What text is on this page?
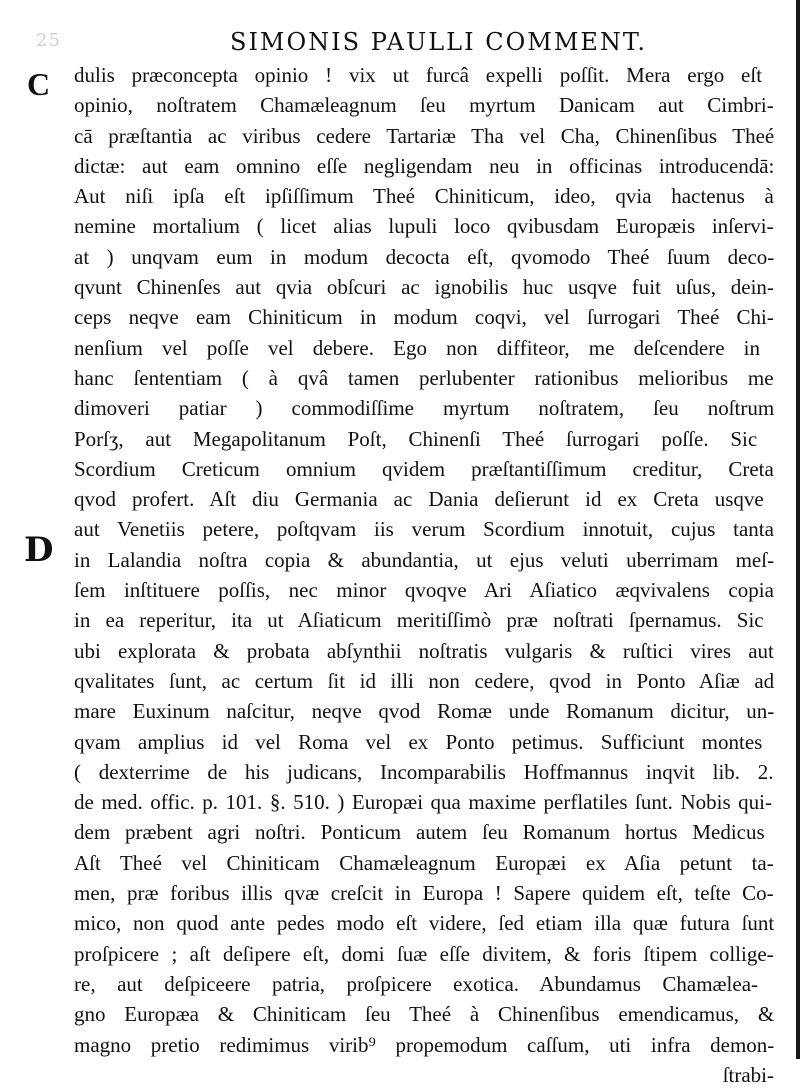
25	SIMONIS PAULLI COMMENT.
C
D
dulis præconcepta opinio ! vix ut furcâ expelli poſſit. Mera ergo eſt
opinio, noſtratem Chamæleagnum ſeu myrtum Danicam aut Cimbri-
cā præſtantia ac viribus cedere Tartariæ Tha vel Cha, Chinenſibus Theé
dictæ: aut eam omnino eſſe negligendam neu in officinas introducendā:
Aut niſi ipſa eſt ipſiſſimum Theé Chiniticum, ideo, qvia hactenus à
nemine mortalium ( licet alias lupuli loco qvibusdam Europæis inſervi-
at ) unqvam eum in modum decocta eſt, qvomodo Theé ſuum deco-
qvunt Chinenſes aut qvia obſcuri ac ignobilis huc usqve fuit uſus, dein-
ceps neqve eam Chiniticum in modum coqvi, vel ſurrogari Theé Chi-
nenſium vel poſſe vel debere. Ego non diffiteor, me deſcendere in
hanc ſententiam ( à qvâ tamen perlubenter rationibus melioribus me
dimoveri patiar ) commodiſſime myrtum noſtratem, ſeu noſtrum
Porſʒ, aut Megapolitanum Poſt, Chinenſi Theé ſurrogari poſſe. Sic
Scordium Creticum omnium qvidem præſtantiſſimum creditur, Creta
qvod profert. Aſt diu Germania ac Dania deſierunt id ex Creta usqve
aut Venetiis petere, poſtqvam iis verum Scordium innotuit, cujus tanta
in Lalandia noſtra copia & abundantia, ut ejus veluti uberrimam meſ-
ſem inſtituere poſſis, nec minor qvoqve Ari Aſiatico æqvivalens copia
in ea reperitur, ita ut Aſiaticum meritiſſimò præ noſtrati ſpernamus. Sic
ubi explorata & probata abſynthii noſtratis vulgaris & ruſtici vires aut
qvalitates ſunt, ac certum ſit id illi non cedere, qvod in Ponto Aſiæ ad
mare Euxinum naſcitur, neqve qvod Romæ unde Romanum dicitur, un-
qvam amplius id vel Roma vel ex Ponto petimus. Sufficiunt montes
( dexterrime de his judicans, Incomparabilis Hoffmannus inqvit lib. 2.
de med. offic. p. 101. §. 510. ) Europæi qua maxime perflatiles ſunt. Nobis qui-
dem præbent agri noſtri. Ponticum autem ſeu Romanum hortus Medicus
Aſt Theé vel Chiniticam Chamæleagnum Europæi ex Aſia petunt ta-
men, præ foribus illis qvæ creſcit in Europa ! Sapere quidem eſt, teſte Co-
mico, non quod ante pedes modo eſt videre, ſed etiam illa quæ futura ſunt
proſpicere ; aſt deſipere eſt, domi ſuæ eſſe divitem, & foris ſtipem collige-
re, aut deſpiceere patria, proſpicere exotica. Abundamus Chamælea-
gno Europæa & Chiniticam ſeu Theé à Chinenſibus emendicamus, &
magno pretio redimimus virib⁹ propemodum caſſum, uti infra demon-
ſtrabi-
